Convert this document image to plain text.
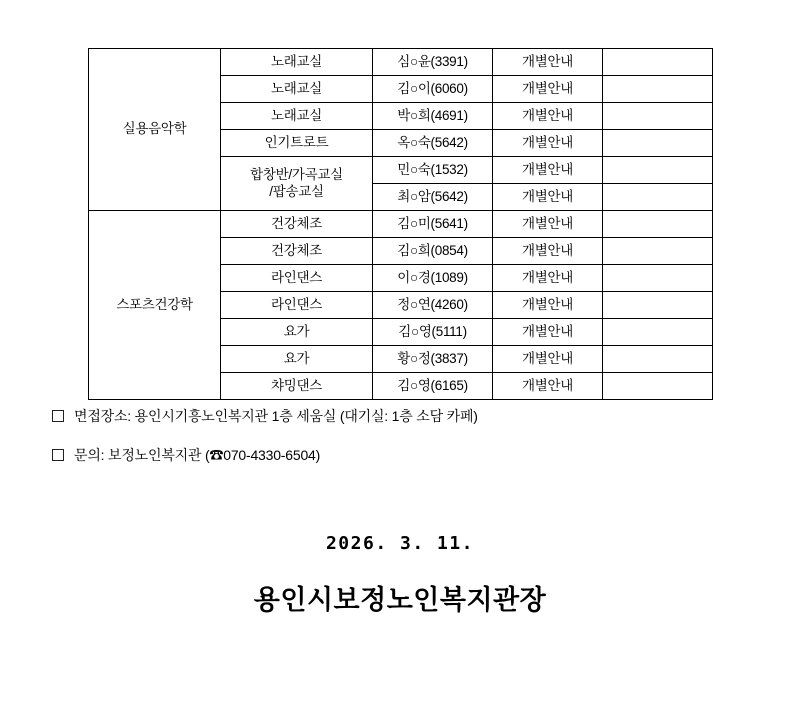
실용음악학	노래교실	심○윤(3391)	개별안내	
	노래교실	김○이(6060)	개별안내	
	노래교실	박○희(4691)	개별안내	
	인기트로트	옥○숙(5642)	개별안내	

	합창반/가곡교실
/팝송교실	민○숙(1532)	개별안내	
		최○암(5642)	개별안내	
스포츠건강학	건강체조	김○미(5641)	개별안내	
	건강체조	김○희(0854)	개별안내	
	라인댄스	이○경(1089)	개별안내	
	라인댄스	정○연(4260)	개별안내	
	요가	김○영(5111)	개별안내	
	요가	황○정(3837)	개별안내	
	챠밍댄스	김○영(6165)	개별안내	
면접장소: 용인시기흥노인복지관 1층 세움실 (대기실: 1층 소담 카페)
문의: 보정노인복지관 (☎070-4330-6504)
2026. 3. 11.
용인시보정노인복지관장
